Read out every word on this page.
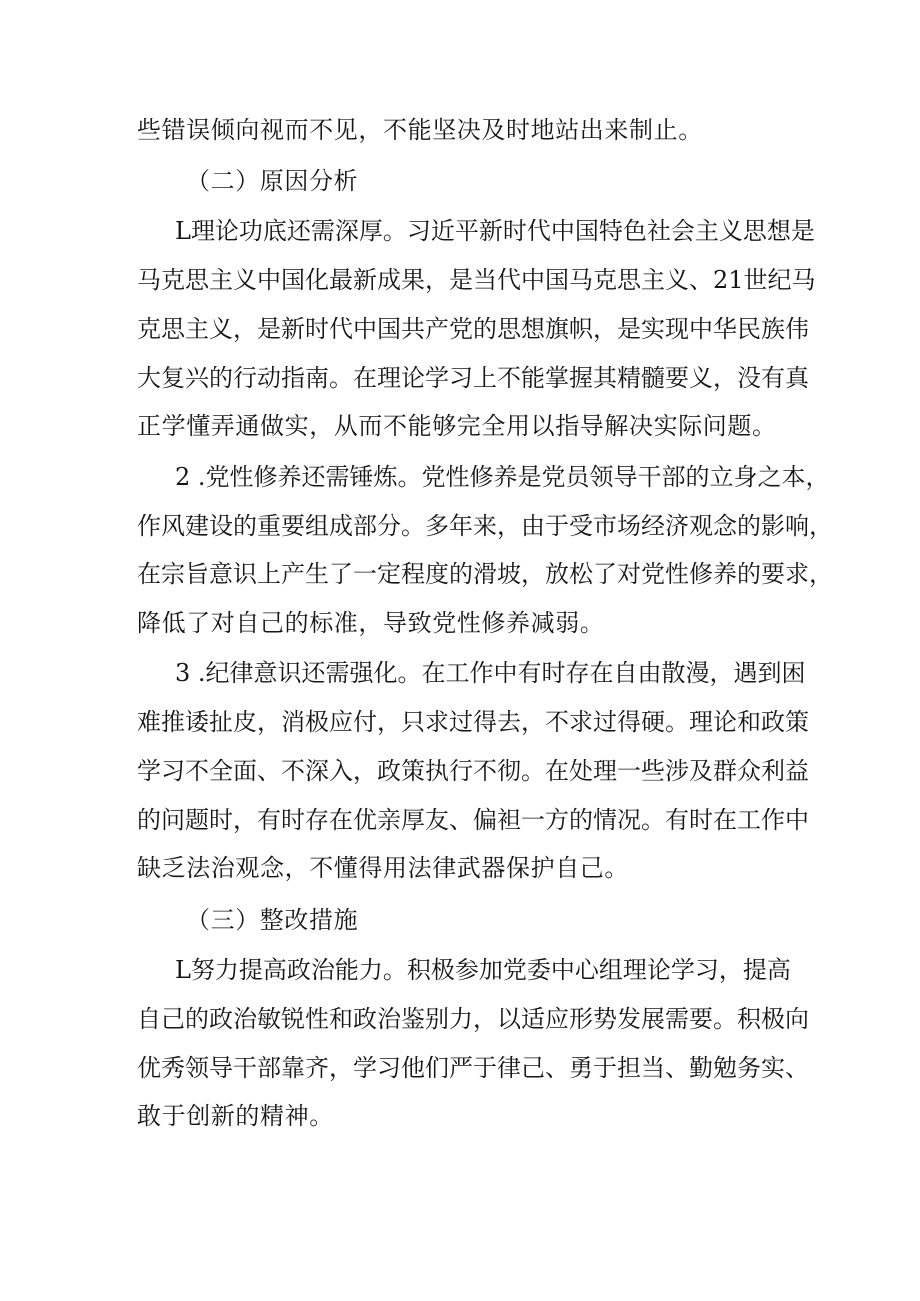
些错误倾向视而不见，不能坚决及时地站出来制止。
（二）原因分析
L理论功底还需深厚。习近平新时代中国特色社会主义思想是
马克思主义中国化最新成果，是当代中国马克思主义、21世纪马
克思主义，是新时代中国共产党的思想旗帜，是实现中华民族伟
大复兴的行动指南。在理论学习上不能掌握其精髓要义，没有真
正学懂弄通做实，从而不能够完全用以指导解决实际问题。
2 .党性修养还需锤炼。党性修养是党员领导干部的立身之本，
作风建设的重要组成部分。多年来，由于受市场经济观念的影响，
在宗旨意识上产生了一定程度的滑坡，放松了对党性修养的要求，
降低了对自己的标准，导致党性修养减弱。
3 .纪律意识还需强化。在工作中有时存在自由散漫，遇到困
难推诿扯皮，消极应付，只求过得去，不求过得硬。理论和政策
学习不全面、不深入，政策执行不彻。在处理一些涉及群众利益
的问题时，有时存在优亲厚友、偏袒一方的情况。有时在工作中
缺乏法治观念，不懂得用法律武器保护自己。
（三）整改措施
L努力提高政治能力。积极参加党委中心组理论学习，提高
自己的政治敏锐性和政治鉴别力，以适应形势发展需要。积极向
优秀领导干部靠齐，学习他们严于律己、勇于担当、勤勉务实、
敢于创新的精神。
